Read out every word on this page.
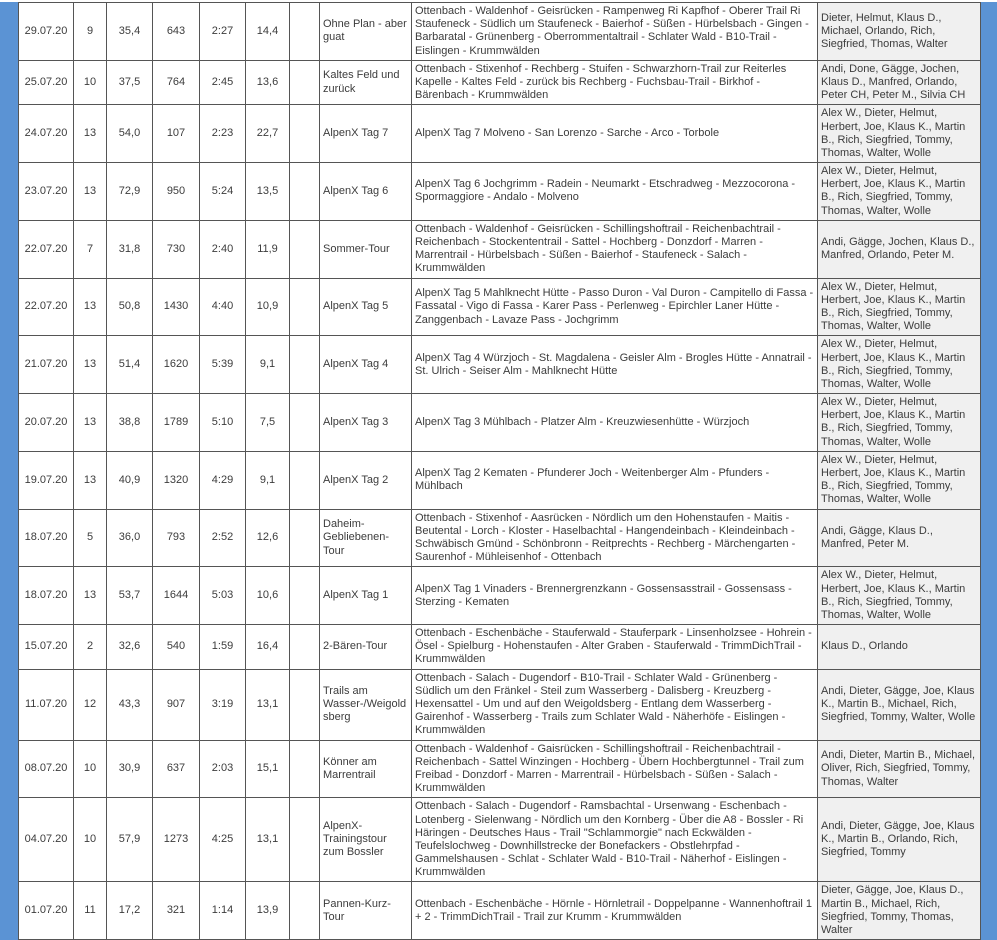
29.07.20	9	35,4	643	2:27	14,4		Ohne Plan - aber guat	Ottenbach - Waldenhof - Geisrücken - Rampenweg Ri Kapfhof - Oberer Trail Ri Staufeneck - Südlich um Staufeneck - Baierhof - Süßen - Hürbelsbach - Gingen - Barbaratal - Grünenberg - Oberrommentaltrail - Schlater Wald - B10-Trail - Eislingen - Krummwälden	Dieter, Helmut, Klaus D., Michael, Orlando, Rich, Siegfried, Thomas, Walter
25.07.20	10	37,5	764	2:45	13,6		Kaltes Feld und zurück	Ottenbach - Stixenhof - Rechberg - Stuifen - Schwarzhorn-Trail zur Reiterles Kapelle - Kaltes Feld - zurück bis Rechberg - Fuchsbau-Trail - Birkhof - Bärenbach - Krummwälden	Andi, Done, Gägge, Jochen, Klaus D., Manfred, Orlando, Peter CH, Peter M., Silvia CH
24.07.20	13	54,0	107	2:23	22,7		AlpenX Tag 7	AlpenX Tag 7 Molveno - San Lorenzo - Sarche - Arco - Torbole	Alex W., Dieter, Helmut, Herbert, Joe, Klaus K., Martin B., Rich, Siegfried, Tommy, Thomas, Walter, Wolle
23.07.20	13	72,9	950	5:24	13,5		AlpenX Tag 6	AlpenX Tag 6 Jochgrimm - Radein - Neumarkt - Etschradweg - Mezzocorona - Spormaggiore - Andalo - Molveno	Alex W., Dieter, Helmut, Herbert, Joe, Klaus K., Martin B., Rich, Siegfried, Tommy, Thomas, Walter, Wolle
22.07.20	7	31,8	730	2:40	11,9		Sommer-Tour	Ottenbach - Waldenhof - Geisrücken - Schillingshoftrail - Reichenbachtrail - Reichenbach - Stockententrail - Sattel - Hochberg - Donzdorf - Marren - Marrentrail - Hürbelsbach - Süßen - Baierhof - Staufeneck - Salach - Krummwälden	Andi, Gägge, Jochen, Klaus D., Manfred, Orlando, Peter M.
22.07.20	13	50,8	1430	4:40	10,9		AlpenX Tag 5	AlpenX Tag 5 Mahlknecht Hütte - Passo Duron - Val Duron - Campitello di Fassa - Fassatal - Vigo di Fassa - Karer Pass - Perlenweg - Epirchler Laner Hütte - Zanggenbach - Lavaze Pass - Jochgrimm	Alex W., Dieter, Helmut, Herbert, Joe, Klaus K., Martin B., Rich, Siegfried, Tommy, Thomas, Walter, Wolle
21.07.20	13	51,4	1620	5:39	9,1		AlpenX Tag 4	AlpenX Tag 4 Würzjoch - St. Magdalena - Geisler Alm - Brogles Hütte - Annatrail - St. Ulrich - Seiser Alm - Mahlknecht Hütte	Alex W., Dieter, Helmut, Herbert, Joe, Klaus K., Martin B., Rich, Siegfried, Tommy, Thomas, Walter, Wolle
20.07.20	13	38,8	1789	5:10	7,5		AlpenX Tag 3	AlpenX Tag 3 Mühlbach - Platzer Alm - Kreuzwiesenhütte - Würzjoch	Alex W., Dieter, Helmut, Herbert, Joe, Klaus K., Martin B., Rich, Siegfried, Tommy, Thomas, Walter, Wolle
19.07.20	13	40,9	1320	4:29	9,1		AlpenX Tag 2	AlpenX Tag 2 Kematen - Pfunderer Joch - Weitenberger Alm - Pfunders - Mühlbach	Alex W., Dieter, Helmut, Herbert, Joe, Klaus K., Martin B., Rich, Siegfried, Tommy, Thomas, Walter, Wolle
18.07.20	5	36,0	793	2:52	12,6		Daheim-Gebliebenen-Tour	Ottenbach - Stixenhof - Aasrücken - Nördlich um den Hohenstaufen - Maitis - Beutental - Lorch - Kloster - Haselbachtal - Hangendeinbach - Kleindeinbach - Schwäbisch Gmünd - Schönbronn - Reitprechts - Rechberg - Märchengarten - Saurenhof - Mühleisenhof - Ottenbach	Andi, Gägge, Klaus D., Manfred, Peter M.
18.07.20	13	53,7	1644	5:03	10,6		AlpenX Tag 1	AlpenX Tag 1 Vinaders - Brennergrenzkann - Gossensasstrail - Gossensass - Sterzing - Kematen	Alex W., Dieter, Helmut, Herbert, Joe, Klaus K., Martin B., Rich, Siegfried, Tommy, Thomas, Walter, Wolle
15.07.20	2	32,6	540	1:59	16,4		2-Bären-Tour	Ottenbach - Eschenbäche - Stauferwald - Stauferpark - Linsenholzsee - Hohrein - Ösel - Spielburg - Hohenstaufen - Alter Graben - Stauferwald - TrimmDichTrail - Krummwälden	Klaus D., Orlando
11.07.20	12	43,3	907	3:19	13,1		Trails am Wasser-/Weigoldsberg	Ottenbach - Salach - Dugendorf - B10-Trail - Schlater Wald - Grünenberg - Südlich um den Fränkel - Steil zum Wasserberg - Dalisberg - Kreuzberg - Hexensattel - Um und auf den Weigoldsberg - Entlang dem Wasserberg - Gairenhof - Wasserberg - Trails zum Schlater Wald - Näherhöfe - Eislingen - Krummwälden	Andi, Dieter, Gägge, Joe, Klaus K., Martin B., Michael, Rich, Siegfried, Tommy, Walter, Wolle
08.07.20	10	30,9	637	2:03	15,1		Könner am Marrentrail	Ottenbach - Waldenhof - Gaisrücken - Schillingshoftrail - Reichenbachtrail - Reichenbach - Sattel Winzingen - Hochberg - Übern Hochbergtunnel - Trail zum Freibad - Donzdorf - Marren - Marrentrail - Hürbelsbach - Süßen - Salach - Krummwälden	Andi, Dieter, Martin B., Michael, Oliver, Rich, Siegfried, Tommy, Thomas, Walter
04.07.20	10	57,9	1273	4:25	13,1		AlpenX-Trainingstour zum Bossler	Ottenbach - Salach - Dugendorf - Ramsbachtal - Ursenwang - Eschenbach - Lotenberg - Sielenwang - Nördlich um den Kornberg - Über die A8 - Bossler - Ri Häringen - Deutsches Haus - Trail "Schlammorgie" nach Eckwälden - Teufelslochweg - Downhillstrecke der Bonefackers - Obstlehrpfad - Gammelshausen - Schlat - Schlater Wald - B10-Trail - Näherhof - Eislingen - Krummwälden	Andi, Dieter, Gägge, Joe, Klaus K., Martin B., Orlando, Rich, Siegfried, Tommy
01.07.20	11	17,2	321	1:14	13,9		Pannen-Kurz-Tour	Ottenbach - Eschenbäche - Hörnle - Hörnletrail - Doppelpanne - Wannenhoftrail 1 + 2 - TrimmDichTrail - Trail zur Krumm - Krummwälden	Dieter, Gägge, Joe, Klaus D., Martin B., Michael, Rich, Siegfried, Tommy, Thomas, Walter
